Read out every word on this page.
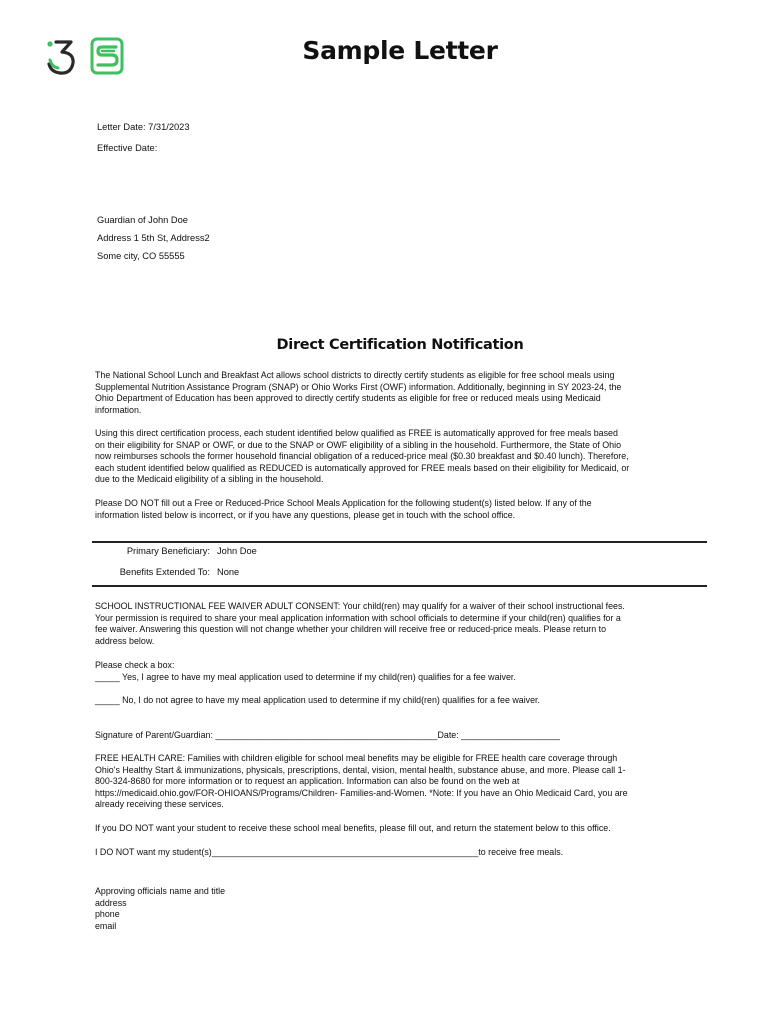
Sample Letter
Letter Date: 7/31/2023
Effective Date:
Guardian of John Doe
Address 1 5th St, Address2
Some city, CO 55555
Direct Certification Notification
The National School Lunch and Breakfast Act allows school districts to directly certify students as eligible for free school meals using
Supplemental Nutrition Assistance Program (SNAP) or Ohio Works First (OWF) information. Additionally, beginning in SY 2023-24, the
Ohio Department of Education has been approved to directly certify students as eligible for free or reduced meals using Medicaid
information.
Using this direct certification process, each student identified below qualified as FREE is automatically approved for free meals based
on their eligibility for SNAP or OWF, or due to the SNAP or OWF eligibility of a sibling in the household. Furthermore, the State of Ohio
now reimburses schools the former household financial obligation of a reduced-price meal ($0.30 breakfast and $0.40 lunch). Therefore,
each student identified below qualified as REDUCED is automatically approved for FREE meals based on their eligibility for Medicaid, or
due to the Medicaid eligibility of a sibling in the household.
Please DO NOT fill out a Free or Reduced-Price School Meals Application for the following student(s) listed below. If any of the
information listed below is incorrect, or if you have any questions, please get in touch with the school office.
Primary Beneficiary: John Doe
Benefits Extended To: None
SCHOOL INSTRUCTIONAL FEE WAIVER ADULT CONSENT: Your child(ren) may qualify for a waiver of their school instructional fees.
Your permission is required to share your meal application information with school officials to determine if your child(ren) qualifies for a
fee waiver. Answering this question will not change whether your children will receive free or reduced-price meals. Please return to
address below.
Please check a box:
_____ Yes, I agree to have my meal application used to determine if my child(ren) qualifies for a fee waiver.
_____ No, I do not agree to have my meal application used to determine if my child(ren) qualifies for a fee waiver.
Signature of Parent/Guardian: _____________________________________________Date: ____________________
FREE HEALTH CARE: Families with children eligible for school meal benefits may be eligible for FREE health care coverage through
Ohio's Healthy Start & immunizations, physicals, prescriptions, dental, vision, mental health, substance abuse, and more. Please call 1-
800-324-8680 for more information or to request an application. Information can also be found on the web at
https://medicaid.ohio.gov/FOR-OHIOANS/Programs/Children- Families-and-Women. *Note: If you have an Ohio Medicaid Card, you are
already receiving these services.
If you DO NOT want your student to receive these school meal benefits, please fill out, and return the statement below to this office.
I DO NOT want my student(s)______________________________________________________to receive free meals.
Approving officials name and title
address
phone
email
